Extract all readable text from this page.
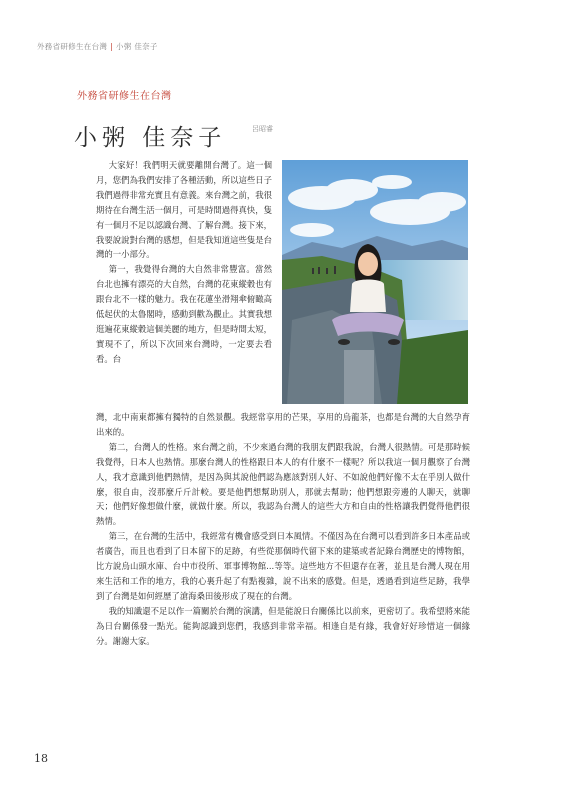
外務省研修生在台灣 | 小粥 佳奈子
外務省研修生在台灣
小粥 佳奈子	呂昭睿

大家好！我們明天就要離開台灣了。這一個月，您們為我們安排了各種活動，所以這些日子我們過得非常充實且有意義。來台灣之前，我很期待在台灣生活一個月，可是時間過得真快，隻有一個月不足以認識台灣、了解台灣。接下來，我要說說對台灣的感想，但是我知道這些隻是台灣的一小部分。

第一，我覺得台灣的大自然非常豐富。當然台北也擁有漂亮的大自然，台灣的花東縱穀也有跟台北不一樣的魅力。我在花蓮坐滑翔傘俯瞰高低起伏的太魯閣時，感動到歡為觀止。其實我想逛遍花東縱穀這個美麗的地方，但是時間太短，實現不了，所以下次回來台灣時，一定要去看看。台

灣，北中南東都擁有獨特的自然景觀。我經常享用的芒果，享用的烏龍茶，也都是台灣的大自然孕育出來的。

第二，台灣人的性格。來台灣之前，不少來過台灣的我朋友們跟我說，台灣人很熱情。可是那時候我覺得，日本人也熱情。那麼台灣人的性格跟日本人的有什麼不一樣呢？所以我這一個月觀察了台灣人，我才意識到他們熱情，是因為與其說他們認為應該對別人好、不如說他們好像不太在乎別人做什麼，很自由，沒那麼斤斤計較。要是他們想幫助別人，那就去幫助；他們想跟旁邊的人聊天，就聊天；他們好像想做什麼，就做什麼。所以，我認為台灣人的這些大方和自由的性格讓我們覺得他們很熱情。

第三，在台灣的生活中，我經常有機會感受到日本風情。不僅因為在台灣可以看到許多日本產品或者廣告，而且也看到了日本留下的足跡，有些從那個時代留下來的建築或者記錄台灣歷史的博物館，比方說烏山頭水庫、台中市役所、軍事博物館...等等。這些地方不但還存在著，並且是台灣人現在用來生活和工作的地方，我的心裏升起了有點複雜，說不出來的感覺。但是，透過看到這些足跡，我學到了台灣是如何經歷了滄海桑田後形成了現在的台灣。

我的知識還不足以作一篇關於台灣的演講，但是能說日台關係比以前來，更密切了。我希望將來能為日台關係發一點光。能夠認識到您們，我感到非常幸福。相逢自是有緣，我會好好珍惜這一個緣分。謝謝大家。

18
